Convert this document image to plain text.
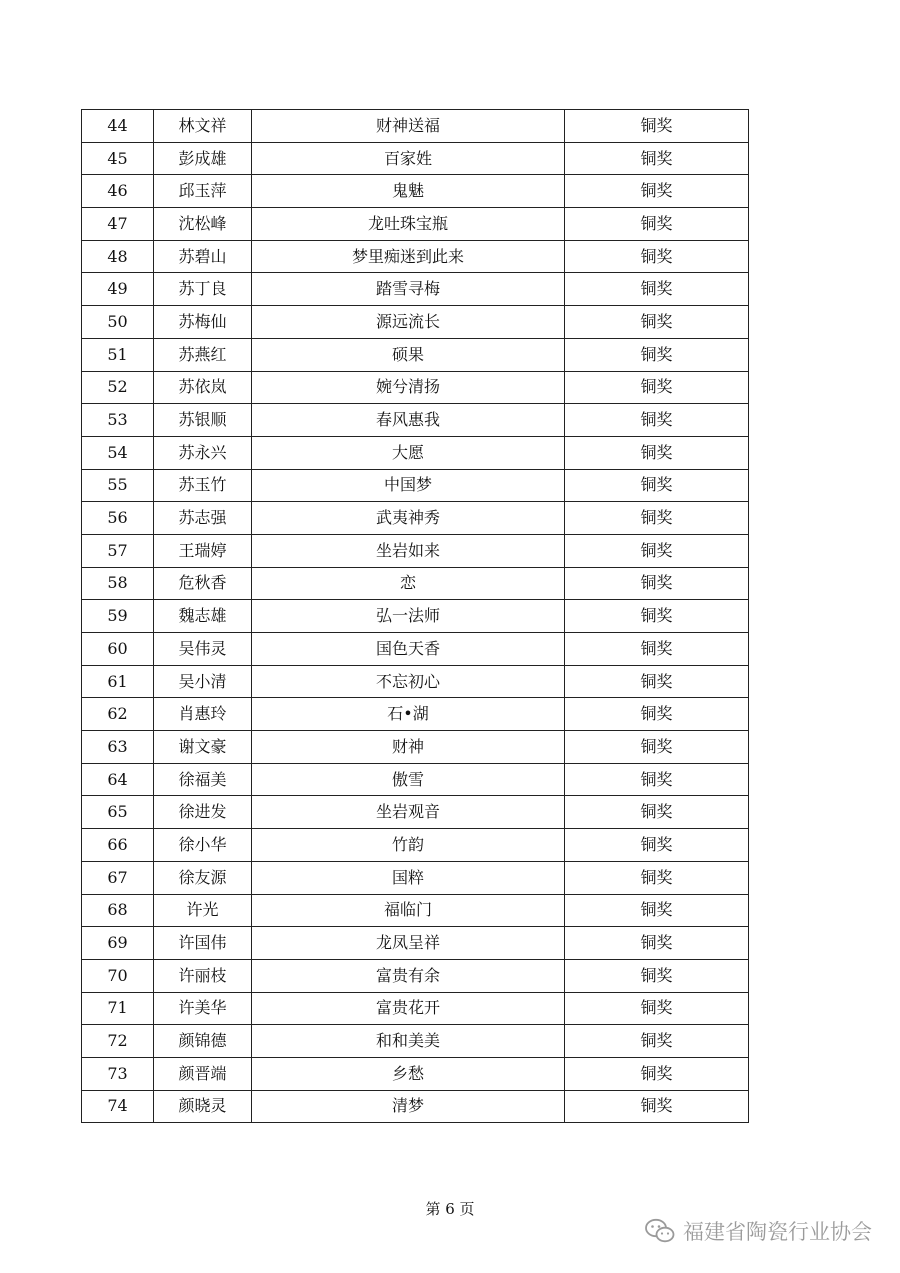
44	林文祥	财神送福	铜奖
45	彭成雄	百家姓	铜奖
46	邱玉萍	鬼魅	铜奖
47	沈松峰	龙吐珠宝瓶	铜奖
48	苏碧山	梦里痴迷到此来	铜奖
49	苏丁良	踏雪寻梅	铜奖
50	苏梅仙	源远流长	铜奖
51	苏燕红	硕果	铜奖
52	苏依岚	婉兮清扬	铜奖
53	苏银顺	春风惠我	铜奖
54	苏永兴	大愿	铜奖
55	苏玉竹	中国梦	铜奖
56	苏志强	武夷神秀	铜奖
57	王瑞婷	坐岩如来	铜奖
58	危秋香	恋	铜奖
59	魏志雄	弘一法师	铜奖
60	吴伟灵	国色天香	铜奖
61	吴小清	不忘初心	铜奖
62	肖惠玲	石•湖	铜奖
63	谢文豪	财神	铜奖
64	徐福美	傲雪	铜奖
65	徐进发	坐岩观音	铜奖
66	徐小华	竹韵	铜奖
67	徐友源	国粹	铜奖
68	许光	福临门	铜奖
69	许国伟	龙凤呈祥	铜奖
70	许丽枝	富贵有余	铜奖
71	许美华	富贵花开	铜奖
72	颜锦德	和和美美	铜奖
73	颜晋端	乡愁	铜奖
74	颜晓灵	清梦	铜奖
第 6 页
福建省陶瓷行业协会
